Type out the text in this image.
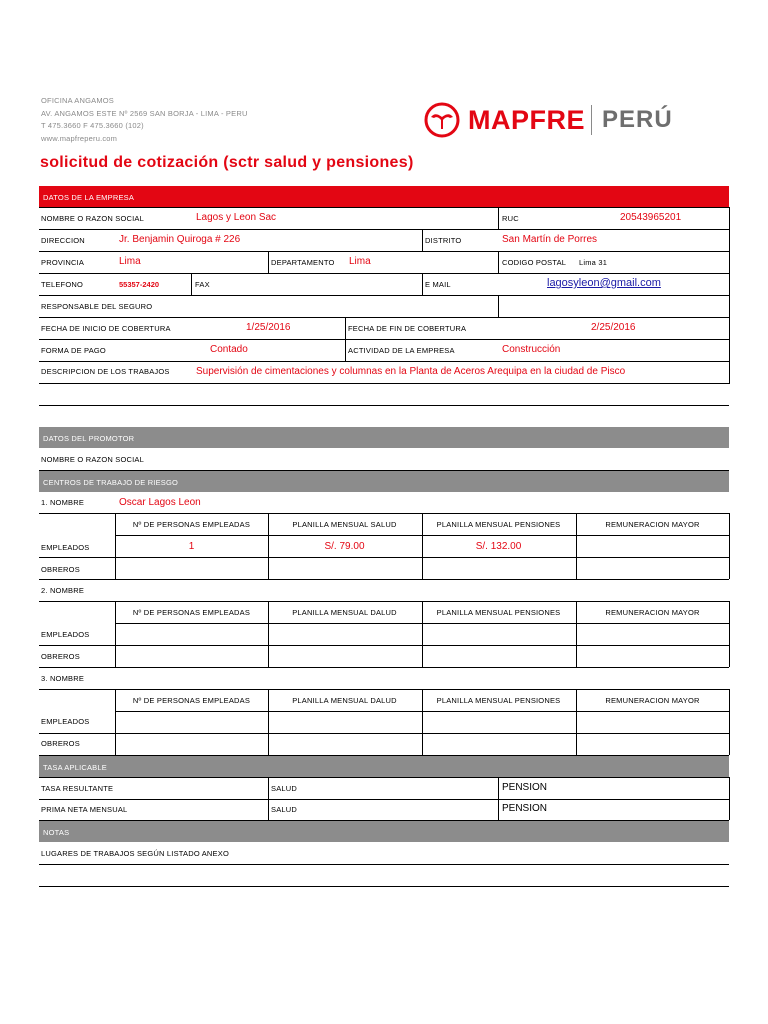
OFICINA ANGAMOS
AV. ANGAMOS ESTE Nº 2569 SAN BORJA - LIMA - PERU
T 475.3660 F 475.3660 (102)
www.mapfreperu.com
MAPFRE PERÚ
solicitud de cotización (sctr salud y pensiones)
DATOS DE LA EMPRESA
NOMBRE O RAZON SOCIAL	Lagos y Leon Sac	RUC	20543965201
DIRECCION	Jr. Benjamin Quiroga # 226	DISTRITO	San Martín de Porres
PROVINCIA	Lima	DEPARTAMENTO Lima	CODIGO POSTAL Lima 31
TELEFONO	55357-2420	FAX	E MAIL	lagosyleon@gmail.com
RESPONSABLE DEL SEGURO
FECHA DE INICIO DE COBERTURA	1/25/2016	FECHA DE FIN DE COBERTURA	2/25/2016
FORMA DE PAGO	Contado	ACTIVIDAD DE LA EMPRESA	Construcción
DESCRIPCION DE LOS TRABAJOS	Supervisión de cimentaciones y columnas en la Planta de Aceros Arequipa en la ciudad de Pisco
DATOS DEL PROMOTOR
NOMBRE O RAZON SOCIAL
CENTROS DE TRABAJO DE RIESGO
1. NOMBRE	Oscar Lagos Leon
Nº DE PERSONAS EMPLEADAS	PLANILLA MENSUAL SALUD	PLANILLA MENSUAL PENSIONES	REMUNERACION MAYOR
EMPLEADOS	1	S/. 79.00	S/. 132.00
OBREROS
2. NOMBRE
Nº DE PERSONAS EMPLEADAS	PLANILLA MENSUAL DALUD	PLANILLA MENSUAL PENSIONES	REMUNERACION MAYOR
EMPLEADOS
OBREROS
3. NOMBRE
Nº DE PERSONAS EMPLEADAS	PLANILLA MENSUAL DALUD	PLANILLA MENSUAL PENSIONES	REMUNERACION MAYOR
EMPLEADOS
OBREROS
TASA APLICABLE
TASA RESULTANTE	SALUD	PENSION
PRIMA NETA MENSUAL	SALUD	PENSION
NOTAS
LUGARES DE TRABAJOS SEGÚN LISTADO ANEXO
